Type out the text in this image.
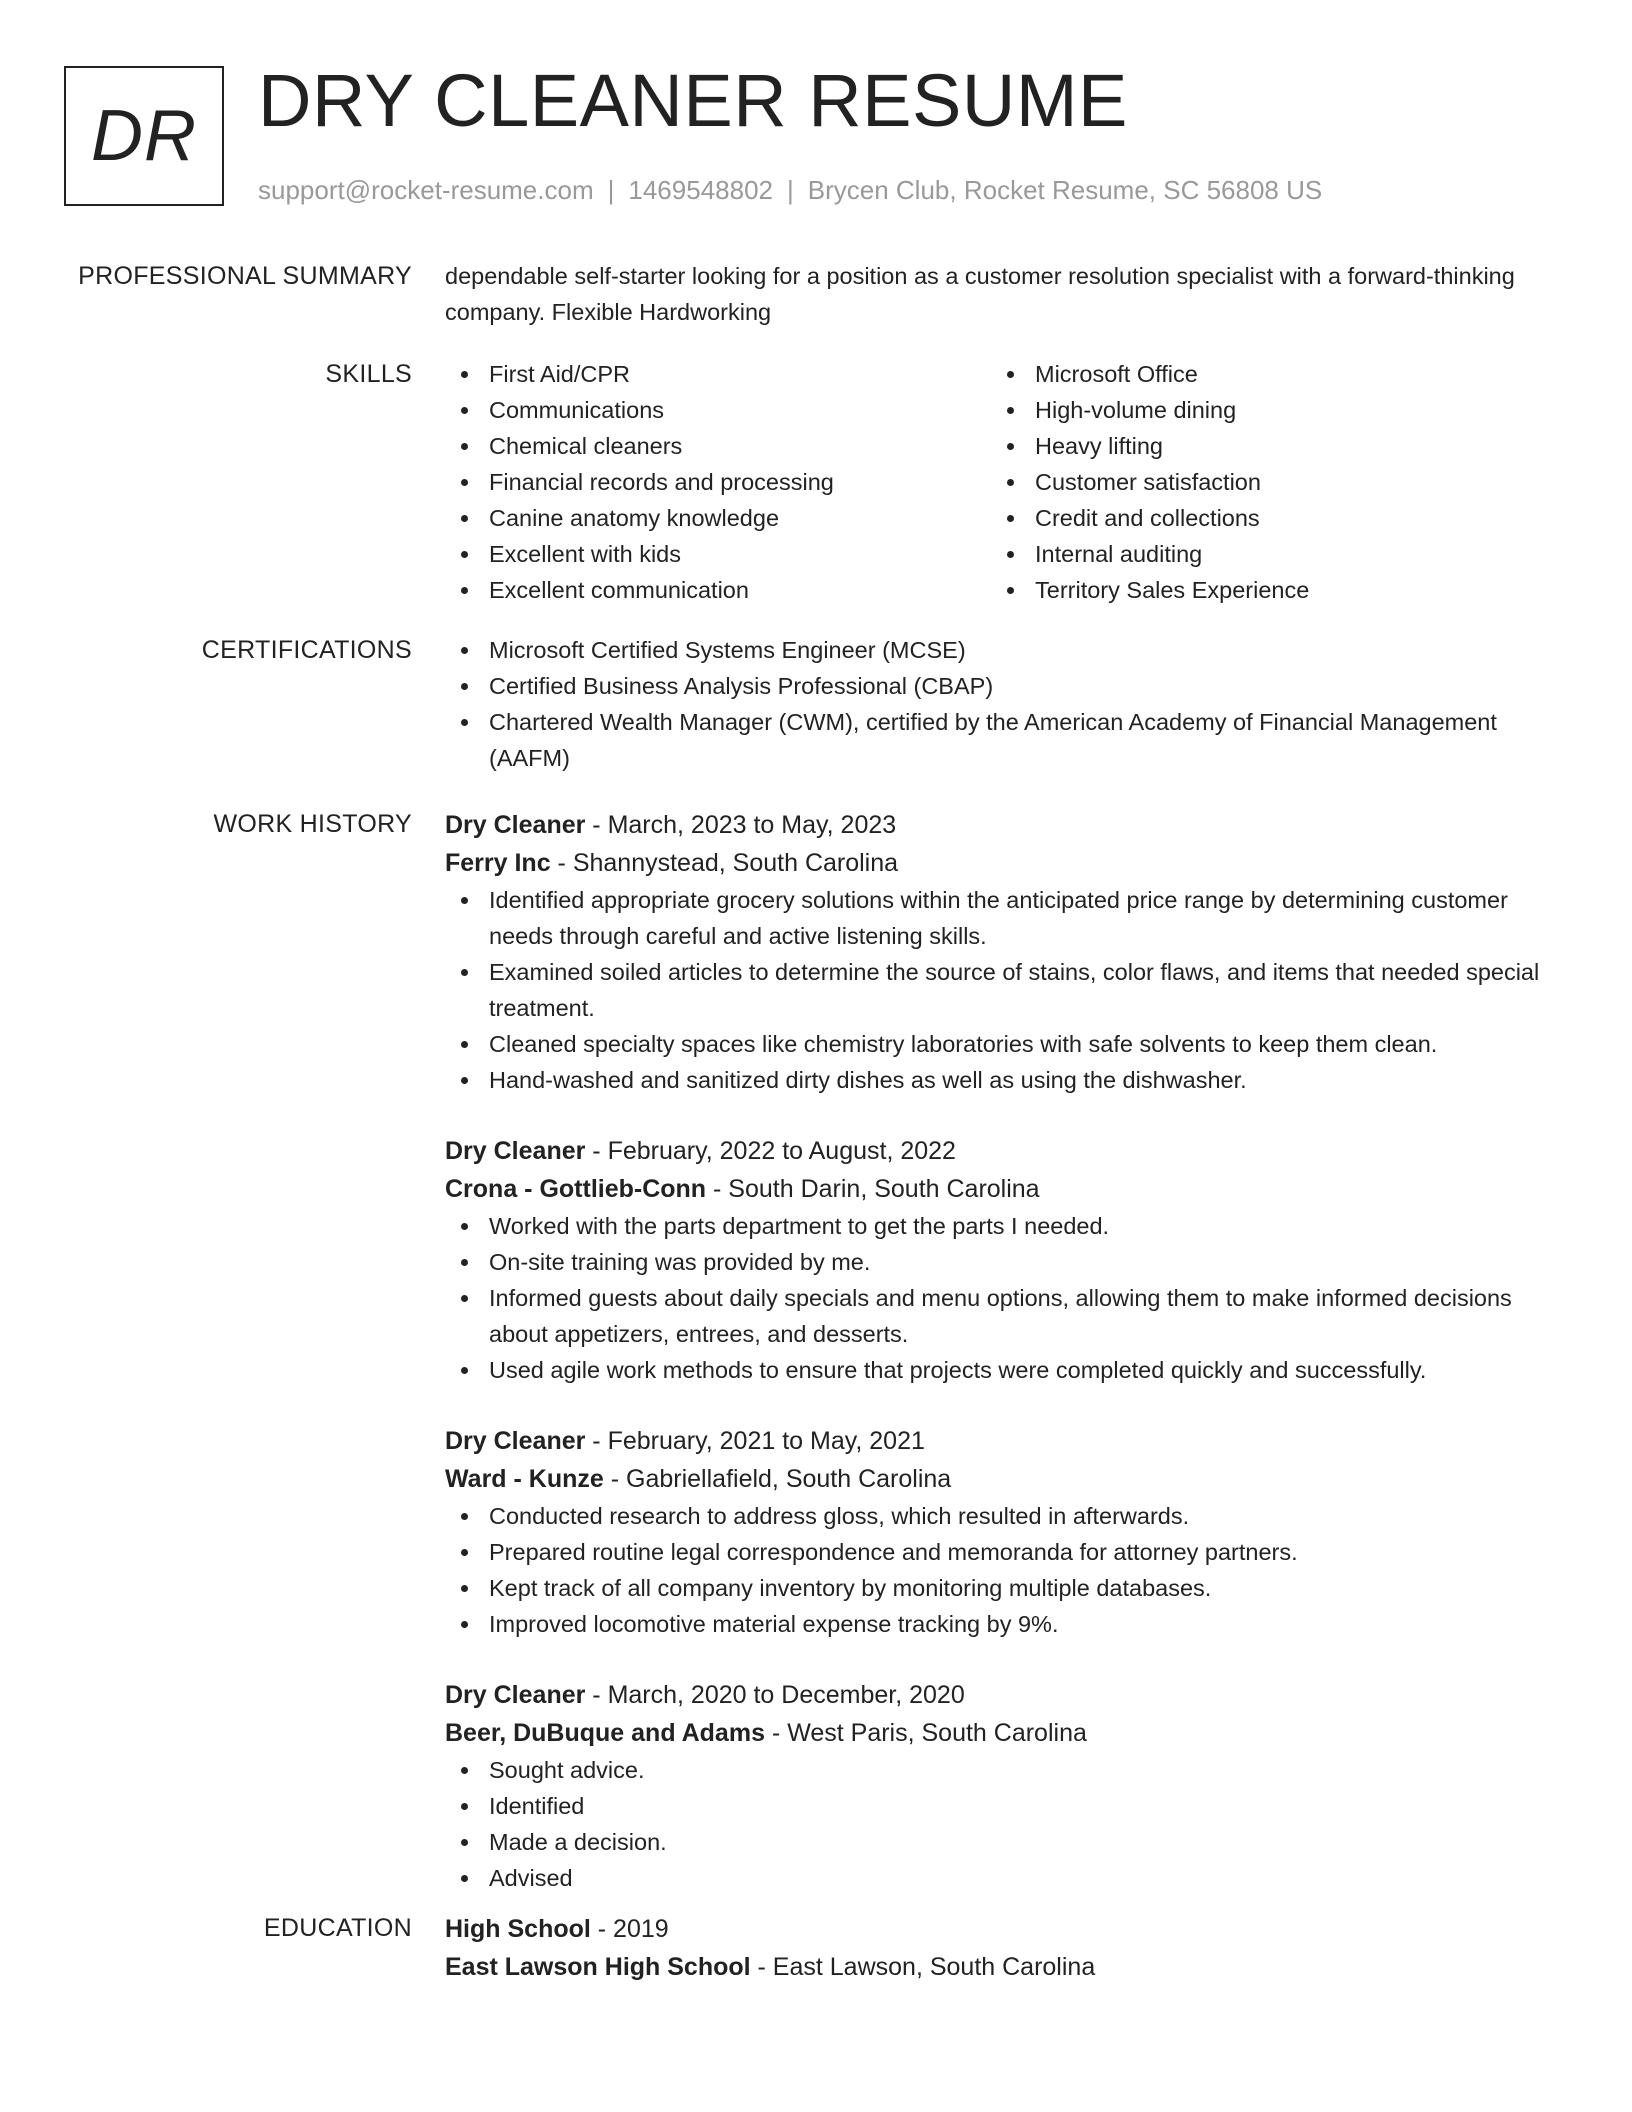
DR DRY CLEANER RESUME
support@rocket-resume.com | 1469548802 | Brycen Club, Rocket Resume, SC 56808 US
PROFESSIONAL SUMMARY dependable self-starter looking for a position as a customer resolution specialist with a forward-thinking company. Flexible Hardworking

SKILLS	First Aid/CPR
Communications
Chemical cleaners
Financial records and processing
Canine anatomy knowledge
Excellent with kids
Excellent communication
Microsoft Office
High-volume dining
Heavy lifting
Customer satisfaction
Credit and collections
Internal auditing
Territory Sales Experience
CERTIFICATIONS	Microsoft Certified Systems Engineer (MCSE)
Certified Business Analysis Professional (CBAP)
Chartered Wealth Manager (CWM), certified by the American Academy of Financial Management (AAFM)
WORK HISTORY Dry Cleaner - March, 2023 to May, 2023
Ferry Inc - Shannystead, South Carolina
Identified appropriate grocery solutions within the anticipated price range by determining customer needs through careful and active listening skills.
Examined soiled articles to determine the source of stains, color flaws, and items that needed special treatment.
Cleaned specialty spaces like chemistry laboratories with safe solvents to keep them clean.
Hand-washed and sanitized dirty dishes as well as using the dishwasher.
Dry Cleaner - February, 2022 to August, 2022
Crona - Gottlieb-Conn - South Darin, South Carolina
Worked with the parts department to get the parts I needed.
On-site training was provided by me.
Informed guests about daily specials and menu options, allowing them to make informed decisions about appetizers, entrees, and desserts.
Used agile work methods to ensure that projects were completed quickly and successfully.
Dry Cleaner - February, 2021 to May, 2021
Ward - Kunze - Gabriellafield, South Carolina
Conducted research to address gloss, which resulted in afterwards.
Prepared routine legal correspondence and memoranda for attorney partners.
Kept track of all company inventory by monitoring multiple databases.
Improved locomotive material expense tracking by 9%.
Dry Cleaner - March, 2020 to December, 2020
Beer, DuBuque and Adams - West Paris, South Carolina
Sought advice.
Identified
Made a decision.
Advised
EDUCATION High School - 2019
East Lawson High School - East Lawson, South Carolina
